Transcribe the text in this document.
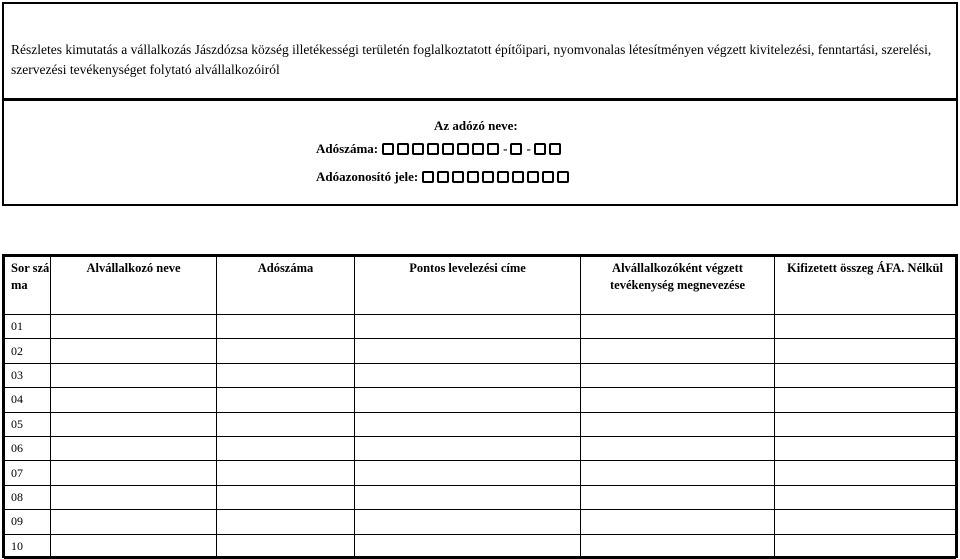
Részletes kimutatás a vállalkozás Jászdózsa község illetékességi területén foglalkoztatott építőipari, nyomvonalas létesítményen végzett kivitelezési, fenntartási, szerelési, szervezési tevékenységet folytató alvállalkozóiról
Az adózó neve:
Adószáma:	- -
Adóazonosító jele:
Sor szá ma	Alvállalkozó neve	Adószáma	Pontos levelezési címe	Alvállalkozóként végzett tevékenység megnevezése	Kifizetett összeg ÁFA. Nélkül
01					
02					
03					
04					
05					
06					
07					
08					
09					
10					
